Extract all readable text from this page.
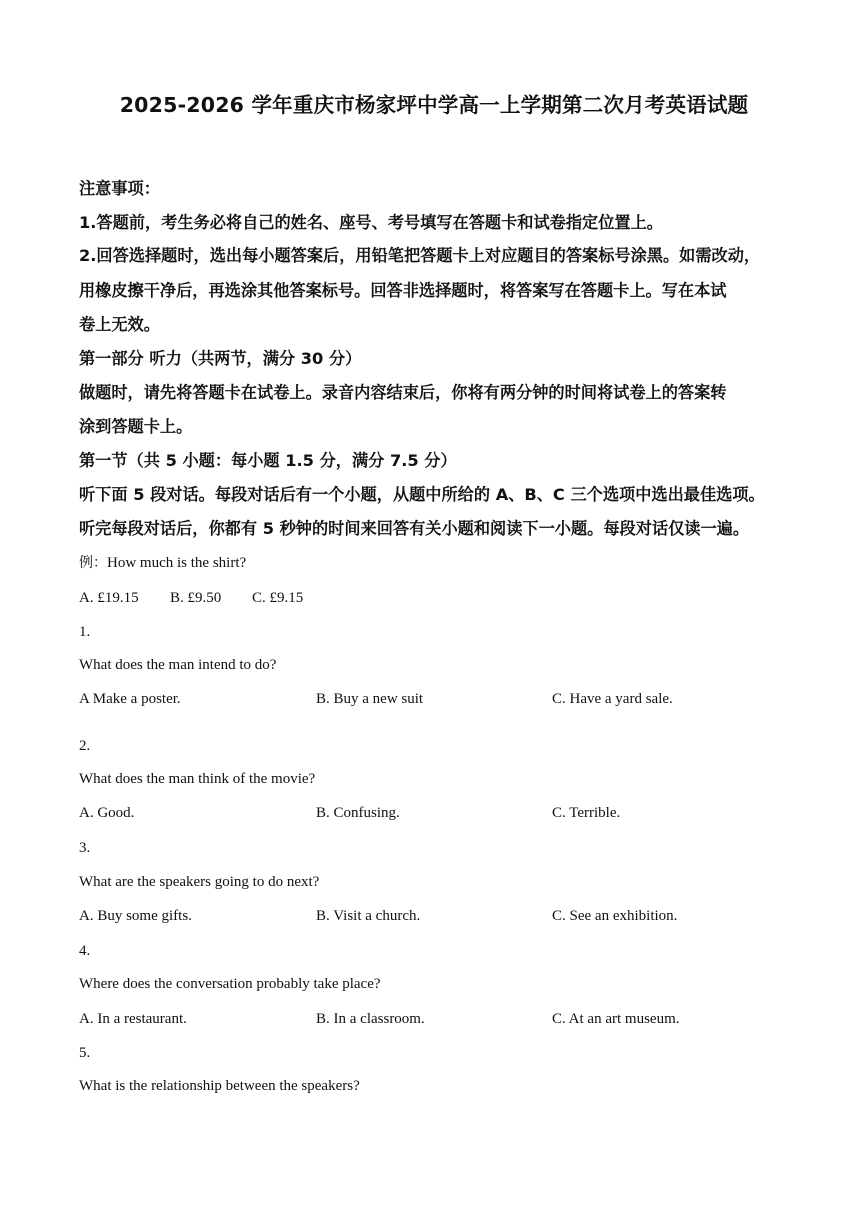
2025-2026 学年重庆市杨家坪中学高一上学期第二次月考英语试题
注意事项：
1.答题前，考生务必将自己的姓名、座号、考号填写在答题卡和试卷指定位置上。
2.回答选择题时，选出每小题答案后，用铅笔把答题卡上对应题目的答案标号涂黑。如需改动，
用橡皮擦干净后，再选涂其他答案标号。回答非选择题时，将答案写在答题卡上。写在本试
卷上无效。
第一部分 听力（共两节，满分 30 分）
做题时，请先将答题卡在试卷上。录音内容结束后，你将有两分钟的时间将试卷上的答案转
涂到答题卡上。
第一节（共 5 小题：每小题 1.5 分，满分 7.5 分）
听下面 5 段对话。每段对话后有一个小题，从题中所给的 A、B、C 三个选项中选出最佳选项。
听完每段对话后，你都有 5 秒钟的时间来回答有关小题和阅读下一小题。每段对话仅读一遍。
例：How much is the shirt?
A. £19.15 B. £9.50 C. £9.15
1.
What does the man intend to do?
A Make a poster.	B. Buy a new suit	C. Have a yard sale.
2.
What does the man think of the movie?
A. Good.	B. Confusing.	C. Terrible.
3.
What are the speakers going to do next?
A. Buy some gifts.	B. Visit a church.	C. See an exhibition.
4.
Where does the conversation probably take place?
A. In a restaurant.	B. In a classroom.	C. At an art museum.
5.
What is the relationship between the speakers?
